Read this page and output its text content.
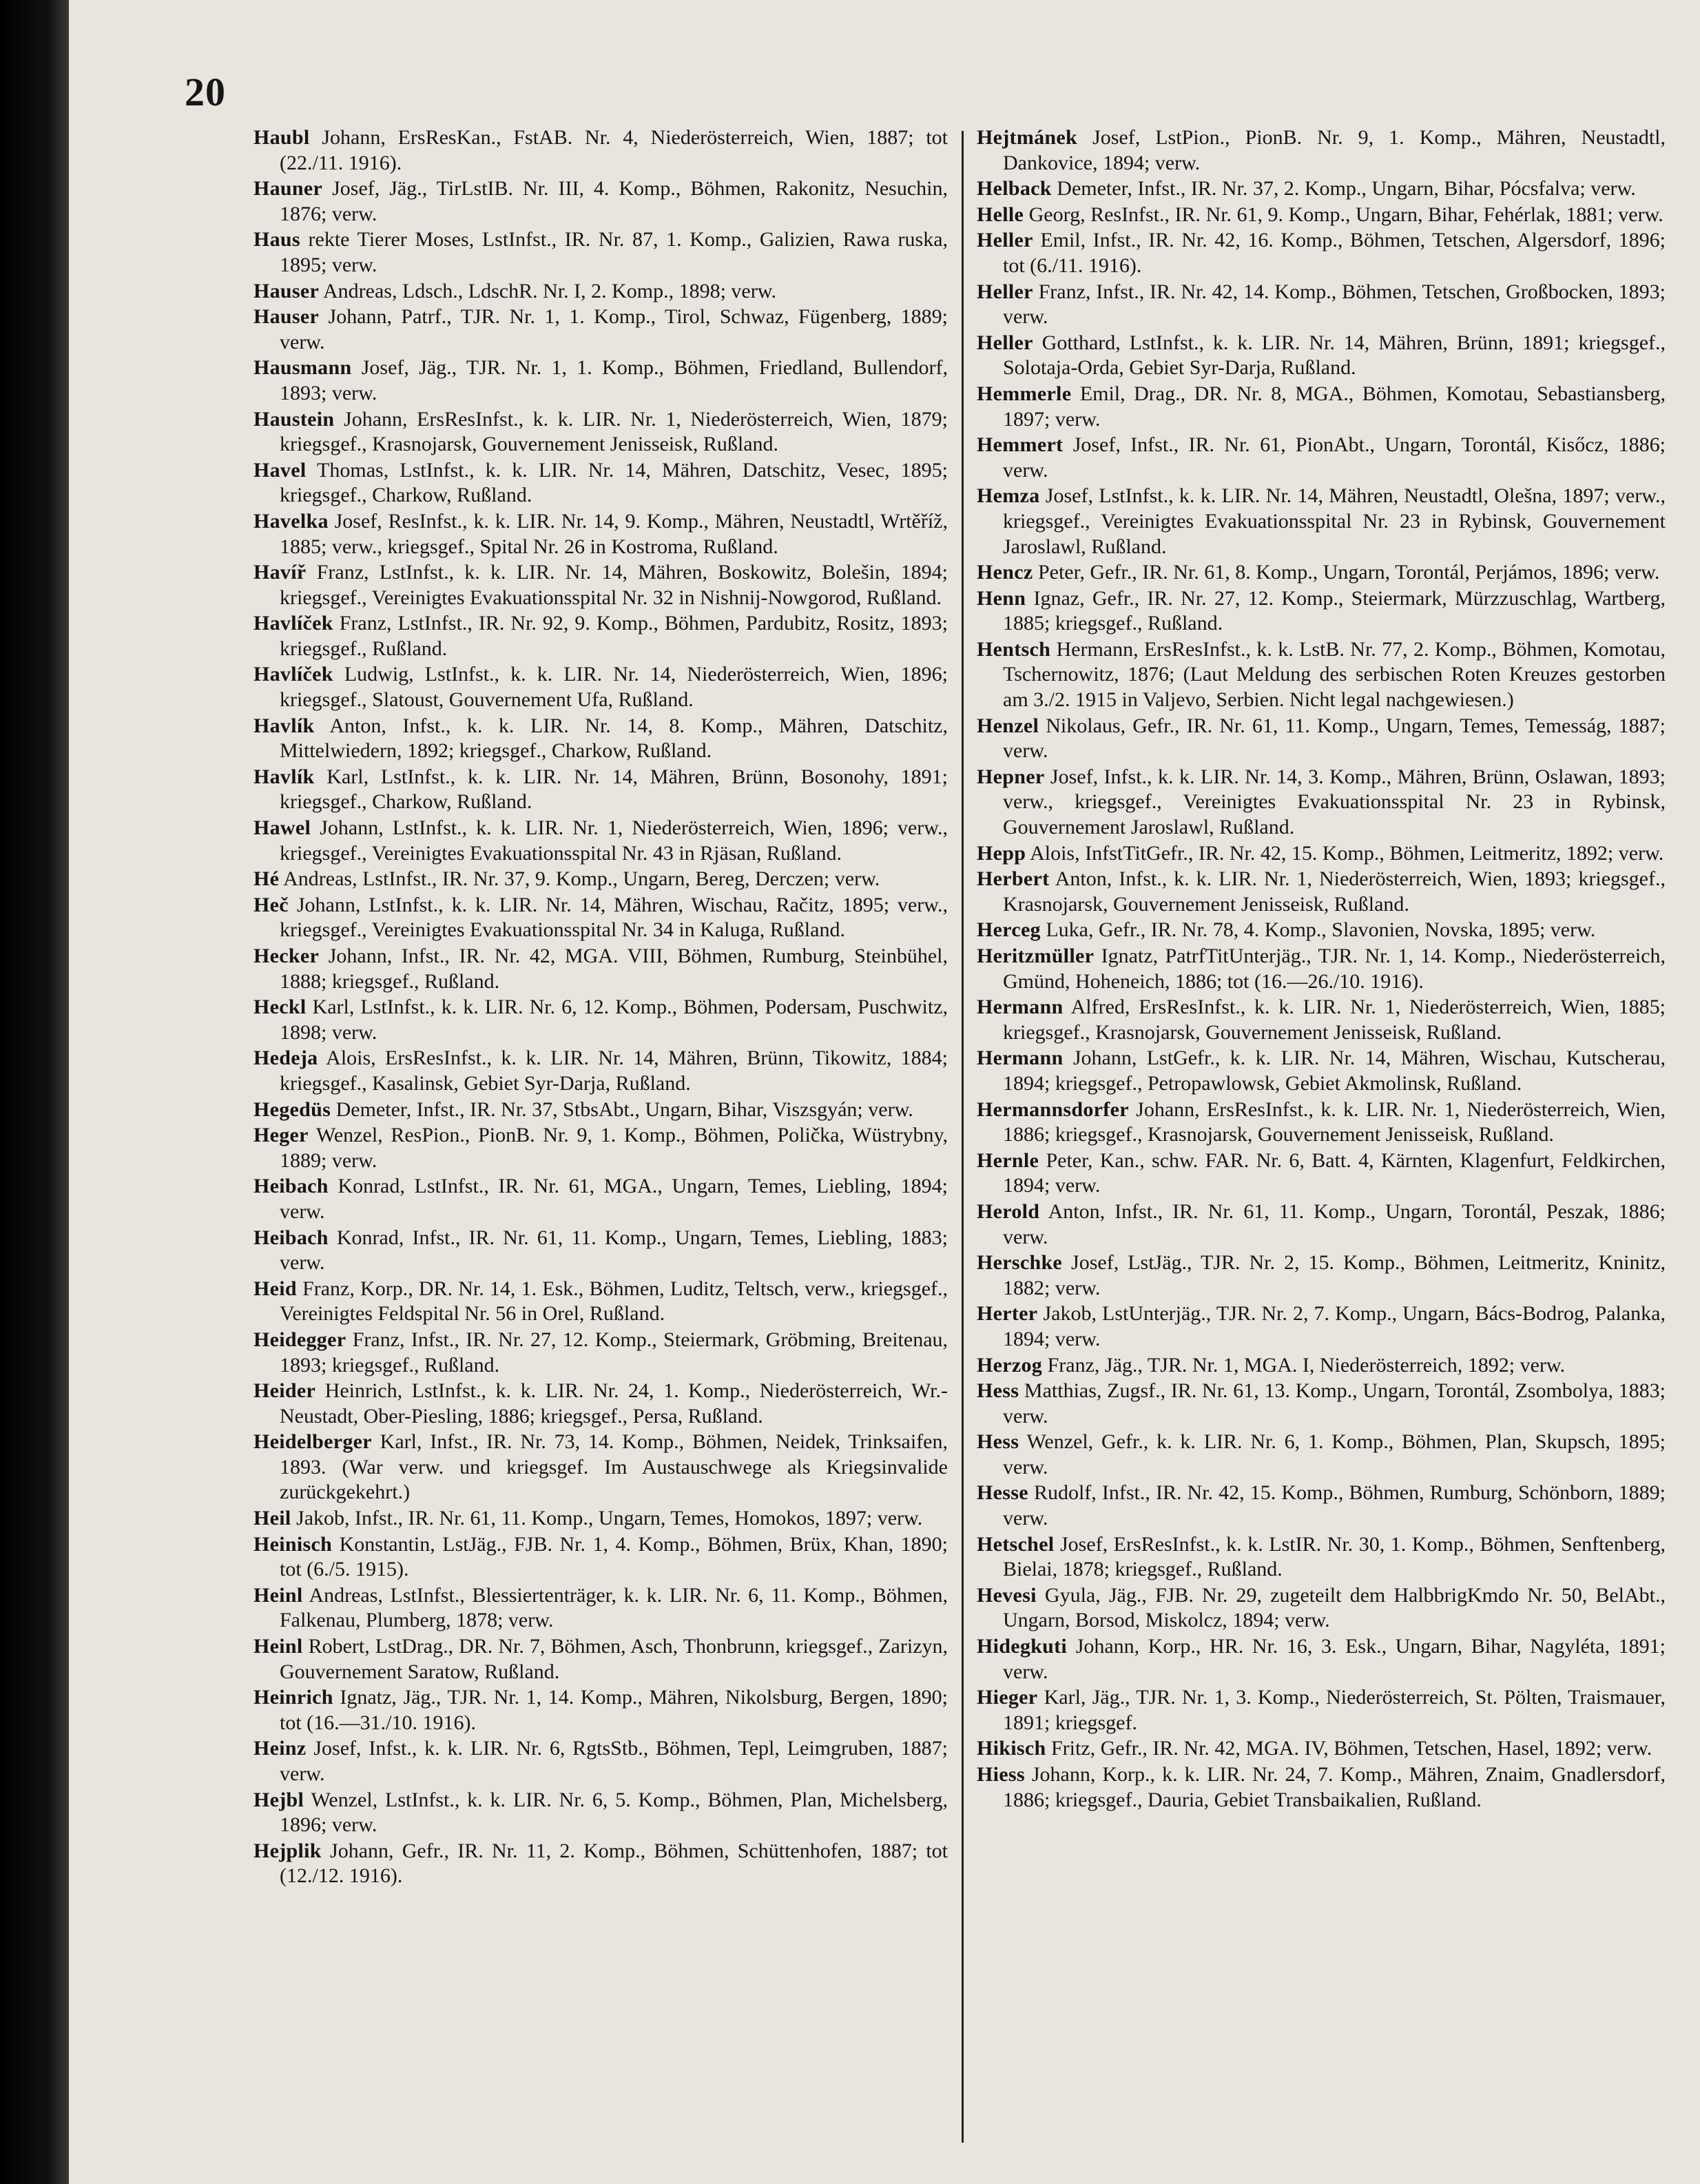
20

Haubl Johann, ErsResKan., FstAB. Nr. 4, Niederösterreich, Wien, 1887; tot (22./11. 1916).

Hauner Josef, Jäg., TirLstIB. Nr. III, 4. Komp., Böhmen, Rakonitz, Nesuchin, 1876; verw.

Haus rekte Tierer Moses, LstInfst., IR. Nr. 87, 1. Komp., Galizien, Rawa ruska, 1895; verw.

Hauser Andreas, Ldsch., LdschR. Nr. I, 2. Komp., 1898; verw.

Hauser Johann, Patrf., TJR. Nr. 1, 1. Komp., Tirol, Schwaz, Fügenberg, 1889; verw.

Hausmann Josef, Jäg., TJR. Nr. 1, 1. Komp., Böhmen, Friedland, Bullendorf, 1893; verw.

Haustein Johann, ErsResInfst., k. k. LIR. Nr. 1, Niederösterreich, Wien, 1879; kriegsgef., Krasnojarsk, Gouvernement Jenisseisk, Rußland.

Havel Thomas, LstInfst., k. k. LIR. Nr. 14, Mähren, Datschitz, Vesec, 1895; kriegsgef., Charkow, Rußland.

Havelka Josef, ResInfst., k. k. LIR. Nr. 14, 9. Komp., Mähren, Neustadtl, Wrtěříž, 1885; verw., kriegsgef., Spital Nr. 26 in Kostroma, Rußland.

Havíř Franz, LstInfst., k. k. LIR. Nr. 14, Mähren, Boskowitz, Bolešin, 1894; kriegsgef., Vereinigtes Evakuationsspital Nr. 32 in Nishnij-Nowgorod, Rußland.

Havlíček Franz, LstInfst., IR. Nr. 92, 9. Komp., Böhmen, Pardubitz, Rositz, 1893; kriegsgef., Rußland.

Havlíček Ludwig, LstInfst., k. k. LIR. Nr. 14, Niederösterreich, Wien, 1896; kriegsgef., Slatoust, Gouvernement Ufa, Rußland.

Havlík Anton, Infst., k. k. LIR. Nr. 14, 8. Komp., Mähren, Datschitz, Mittelwiedern, 1892; kriegsgef., Charkow, Rußland.

Havlík Karl, LstInfst., k. k. LIR. Nr. 14, Mähren, Brünn, Bosonohy, 1891; kriegsgef., Charkow, Rußland.

Hawel Johann, LstInfst., k. k. LIR. Nr. 1, Niederösterreich, Wien, 1896; verw., kriegsgef., Vereinigtes Evakuationsspital Nr. 43 in Rjäsan, Rußland.

Hé Andreas, LstInfst., IR. Nr. 37, 9. Komp., Ungarn, Bereg, Derczen; verw.

Heč Johann, LstInfst., k. k. LIR. Nr. 14, Mähren, Wischau, Račitz, 1895; verw., kriegsgef., Vereinigtes Evakuationsspital Nr. 34 in Kaluga, Rußland.

Hecker Johann, Infst., IR. Nr. 42, MGA. VIII, Böhmen, Rumburg, Steinbühel, 1888; kriegsgef., Rußland.

Heckl Karl, LstInfst., k. k. LIR. Nr. 6, 12. Komp., Böhmen, Podersam, Puschwitz, 1898; verw.

Hedeja Alois, ErsResInfst., k. k. LIR. Nr. 14, Mähren, Brünn, Tikowitz, 1884; kriegsgef., Kasalinsk, Gebiet Syr-Darja, Rußland.

Hegedüs Demeter, Infst., IR. Nr. 37, StbsAbt., Ungarn, Bihar, Viszsgyán; verw.

Heger Wenzel, ResPion., PionB. Nr. 9, 1. Komp., Böhmen, Polička, Wüstrybny, 1889; verw.

Heibach Konrad, LstInfst., IR. Nr. 61, MGA., Ungarn, Temes, Liebling, 1894; verw.

Heibach Konrad, Infst., IR. Nr. 61, 11. Komp., Ungarn, Temes, Liebling, 1883; verw.

Heid Franz, Korp., DR. Nr. 14, 1. Esk., Böhmen, Luditz, Teltsch, verw., kriegsgef., Vereinigtes Feldspital Nr. 56 in Orel, Rußland.

Heidegger Franz, Infst., IR. Nr. 27, 12. Komp., Steiermark, Gröbming, Breitenau, 1893; kriegsgef., Rußland.

Heider Heinrich, LstInfst., k. k. LIR. Nr. 24, 1. Komp., Niederösterreich, Wr.-Neustadt, Ober-Piesling, 1886; kriegsgef., Persa, Rußland.

Heidelberger Karl, Infst., IR. Nr. 73, 14. Komp., Böhmen, Neidek, Trinksaifen, 1893. (War verw. und kriegsgef. Im Austauschwege als Kriegsinvalide zurückgekehrt.)

Heil Jakob, Infst., IR. Nr. 61, 11. Komp., Ungarn, Temes, Homokos, 1897; verw.

Heinisch Konstantin, LstJäg., FJB. Nr. 1, 4. Komp., Böhmen, Brüx, Khan, 1890; tot (6./5. 1915).

Heinl Andreas, LstInfst., Blessiertenträger, k. k. LIR. Nr. 6, 11. Komp., Böhmen, Falkenau, Plumberg, 1878; verw.

Heinl Robert, LstDrag., DR. Nr. 7, Böhmen, Asch, Thonbrunn, kriegsgef., Zarizyn, Gouvernement Saratow, Rußland.

Heinrich Ignatz, Jäg., TJR. Nr. 1, 14. Komp., Mähren, Nikolsburg, Bergen, 1890; tot (16.—31./10. 1916).

Heinz Josef, Infst., k. k. LIR. Nr. 6, RgtsStb., Böhmen, Tepl, Leimgruben, 1887; verw.

Hejbl Wenzel, LstInfst., k. k. LIR. Nr. 6, 5. Komp., Böhmen, Plan, Michelsberg, 1896; verw.

Hejplik Johann, Gefr., IR. Nr. 11, 2. Komp., Böhmen, Schüttenhofen, 1887; tot (12./12. 1916).

Hejtmánek Josef, LstPion., PionB. Nr. 9, 1. Komp., Mähren, Neustadtl, Dankovice, 1894; verw.

Helback Demeter, Infst., IR. Nr. 37, 2. Komp., Ungarn, Bihar, Pócsfalva; verw.

Helle Georg, ResInfst., IR. Nr. 61, 9. Komp., Ungarn, Bihar, Fehérlak, 1881; verw.

Heller Emil, Infst., IR. Nr. 42, 16. Komp., Böhmen, Tetschen, Algersdorf, 1896; tot (6./11. 1916).

Heller Franz, Infst., IR. Nr. 42, 14. Komp., Böhmen, Tetschen, Großbocken, 1893; verw.

Heller Gotthard, LstInfst., k. k. LIR. Nr. 14, Mähren, Brünn, 1891; kriegsgef., Solotaja-Orda, Gebiet Syr-Darja, Rußland.

Hemmerle Emil, Drag., DR. Nr. 8, MGA., Böhmen, Komotau, Sebastiansberg, 1897; verw.

Hemmert Josef, Infst., IR. Nr. 61, PionAbt., Ungarn, Torontál, Kisőcz, 1886; verw.

Hemza Josef, LstInfst., k. k. LIR. Nr. 14, Mähren, Neustadtl, Olešna, 1897; verw., kriegsgef., Vereinigtes Evakuationsspital Nr. 23 in Rybinsk, Gouvernement Jaroslawl, Rußland.

Hencz Peter, Gefr., IR. Nr. 61, 8. Komp., Ungarn, Torontál, Perjámos, 1896; verw.

Henn Ignaz, Gefr., IR. Nr. 27, 12. Komp., Steiermark, Mürzzuschlag, Wartberg, 1885; kriegsgef., Rußland.

Hentsch Hermann, ErsResInfst., k. k. LstB. Nr. 77, 2. Komp., Böhmen, Komotau, Tschernowitz, 1876; (Laut Meldung des serbischen Roten Kreuzes gestorben am 3./2. 1915 in Valjevo, Serbien. Nicht legal nachgewiesen.)

Henzel Nikolaus, Gefr., IR. Nr. 61, 11. Komp., Ungarn, Temes, Temesság, 1887; verw.

Hepner Josef, Infst., k. k. LIR. Nr. 14, 3. Komp., Mähren, Brünn, Oslawan, 1893; verw., kriegsgef., Vereinigtes Evakuationsspital Nr. 23 in Rybinsk, Gouvernement Jaroslawl, Rußland.

Hepp Alois, InfstTitGefr., IR. Nr. 42, 15. Komp., Böhmen, Leitmeritz, 1892; verw.

Herbert Anton, Infst., k. k. LIR. Nr. 1, Niederösterreich, Wien, 1893; kriegsgef., Krasnojarsk, Gouvernement Jenisseisk, Rußland.

Herceg Luka, Gefr., IR. Nr. 78, 4. Komp., Slavonien, Novska, 1895; verw.

Heritzmüller Ignatz, PatrfTitUnterjäg., TJR. Nr. 1, 14. Komp., Niederösterreich, Gmünd, Hoheneich, 1886; tot (16.—26./10. 1916).

Hermann Alfred, ErsResInfst., k. k. LIR. Nr. 1, Niederösterreich, Wien, 1885; kriegsgef., Krasnojarsk, Gouvernement Jenisseisk, Rußland.

Hermann Johann, LstGefr., k. k. LIR. Nr. 14, Mähren, Wischau, Kutscherau, 1894; kriegsgef., Petropawlowsk, Gebiet Akmolinsk, Rußland.

Hermannsdorfer Johann, ErsResInfst., k. k. LIR. Nr. 1, Niederösterreich, Wien, 1886; kriegsgef., Krasnojarsk, Gouvernement Jenisseisk, Rußland.

Hernle Peter, Kan., schw. FAR. Nr. 6, Batt. 4, Kärnten, Klagenfurt, Feldkirchen, 1894; verw.

Herold Anton, Infst., IR. Nr. 61, 11. Komp., Ungarn, Torontál, Peszak, 1886; verw.

Herschke Josef, LstJäg., TJR. Nr. 2, 15. Komp., Böhmen, Leitmeritz, Kninitz, 1882; verw.

Herter Jakob, LstUnterjäg., TJR. Nr. 2, 7. Komp., Ungarn, Bács-Bodrog, Palanka, 1894; verw.

Herzog Franz, Jäg., TJR. Nr. 1, MGA. I, Niederösterreich, 1892; verw.

Hess Matthias, Zugsf., IR. Nr. 61, 13. Komp., Ungarn, Torontál, Zsombolya, 1883; verw.

Hess Wenzel, Gefr., k. k. LIR. Nr. 6, 1. Komp., Böhmen, Plan, Skupsch, 1895; verw.

Hesse Rudolf, Infst., IR. Nr. 42, 15. Komp., Böhmen, Rumburg, Schönborn, 1889; verw.

Hetschel Josef, ErsResInfst., k. k. LstIR. Nr. 30, 1. Komp., Böhmen, Senftenberg, Bielai, 1878; kriegsgef., Rußland.

Hevesi Gyula, Jäg., FJB. Nr. 29, zugeteilt dem HalbbrigKmdo Nr. 50, BelAbt., Ungarn, Borsod, Miskolcz, 1894; verw.

Hidegkuti Johann, Korp., HR. Nr. 16, 3. Esk., Ungarn, Bihar, Nagyléta, 1891; verw.

Hieger Karl, Jäg., TJR. Nr. 1, 3. Komp., Niederösterreich, St. Pölten, Traismauer, 1891; kriegsgef.

Hikisch Fritz, Gefr., IR. Nr. 42, MGA. IV, Böhmen, Tetschen, Hasel, 1892; verw.

Hiess Johann, Korp., k. k. LIR. Nr. 24, 7. Komp., Mähren, Znaim, Gnadlersdorf, 1886; kriegsgef., Dauria, Gebiet Transbaikalien, Rußland.
